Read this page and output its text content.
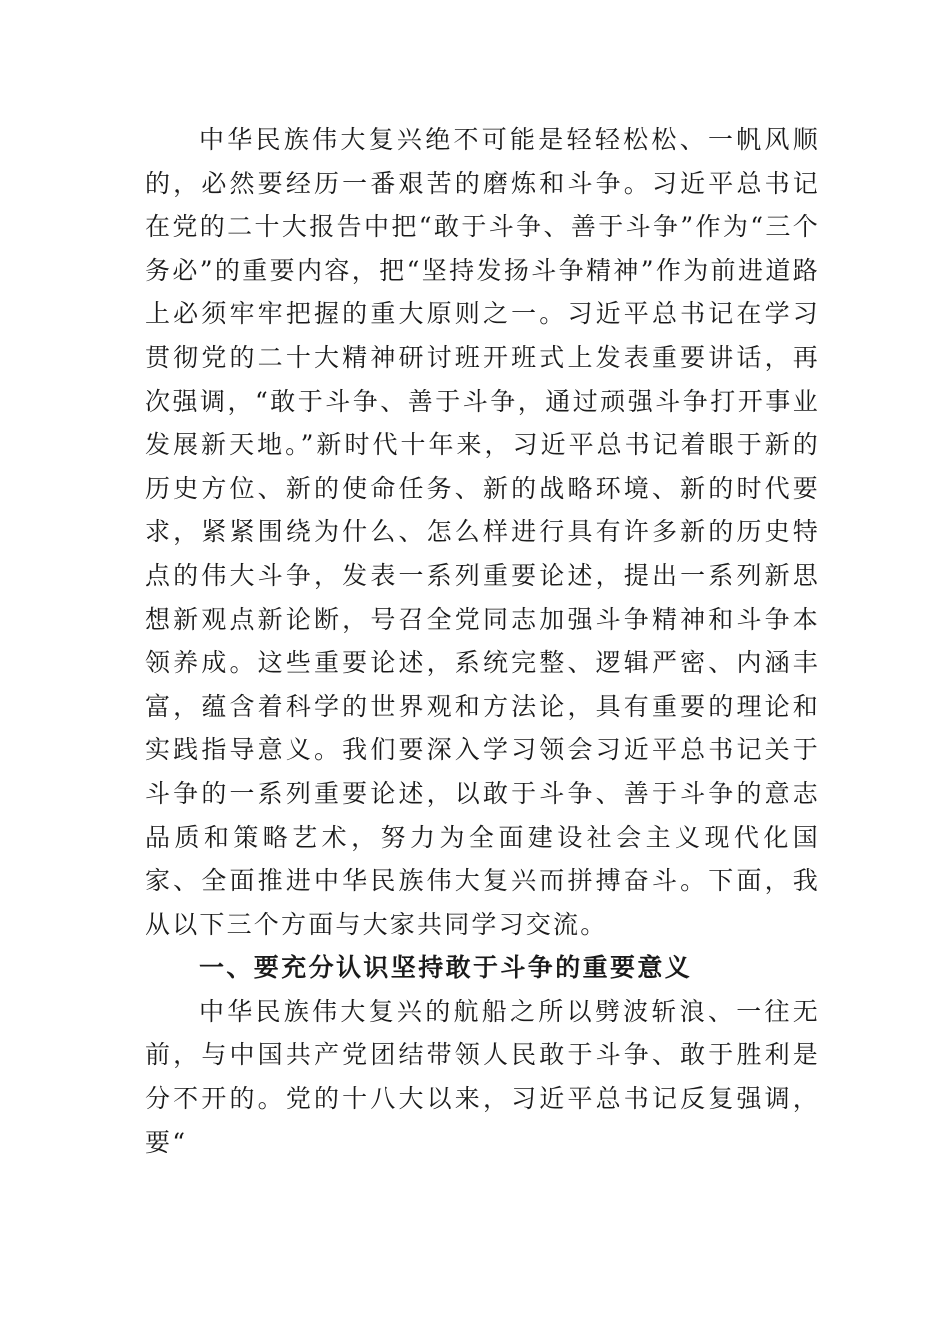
中华民族伟大复兴绝不可能是轻轻松松、一帆风顺的，必然要经历一番艰苦的磨炼和斗争。习近平总书记在党的二十大报告中把“敢于斗争、善于斗争”作为“三个务必”的重要内容，把“坚持发扬斗争精神”作为前进道路上必须牢牢把握的重大原则之一。习近平总书记在学习贯彻党的二十大精神研讨班开班式上发表重要讲话，再次强调，“敢于斗争、善于斗争，通过顽强斗争打开事业发展新天地。”新时代十年来，习近平总书记着眼于新的历史方位、新的使命任务、新的战略环境、新的时代要求，紧紧围绕为什么、怎么样进行具有许多新的历史特点的伟大斗争，发表一系列重要论述，提出一系列新思想新观点新论断，号召全党同志加强斗争精神和斗争本领养成。这些重要论述，系统完整、逻辑严密、内涵丰富，蕴含着科学的世界观和方法论，具有重要的理论和实践指导意义。我们要深入学习领会习近平总书记关于斗争的一系列重要论述，以敢于斗争、善于斗争的意志品质和策略艺术，努力为全面建设社会主义现代化国家、全面推进中华民族伟大复兴而拼搏奋斗。下面，我从以下三个方面与大家共同学习交流。

一、要充分认识坚持敢于斗争的重要意义

中华民族伟大复兴的航船之所以劈波斩浪、一往无前，与中国共产党团结带领人民敢于斗争、敢于胜利是分不开的。党的十八大以来，习近平总书记反复强调，要“
